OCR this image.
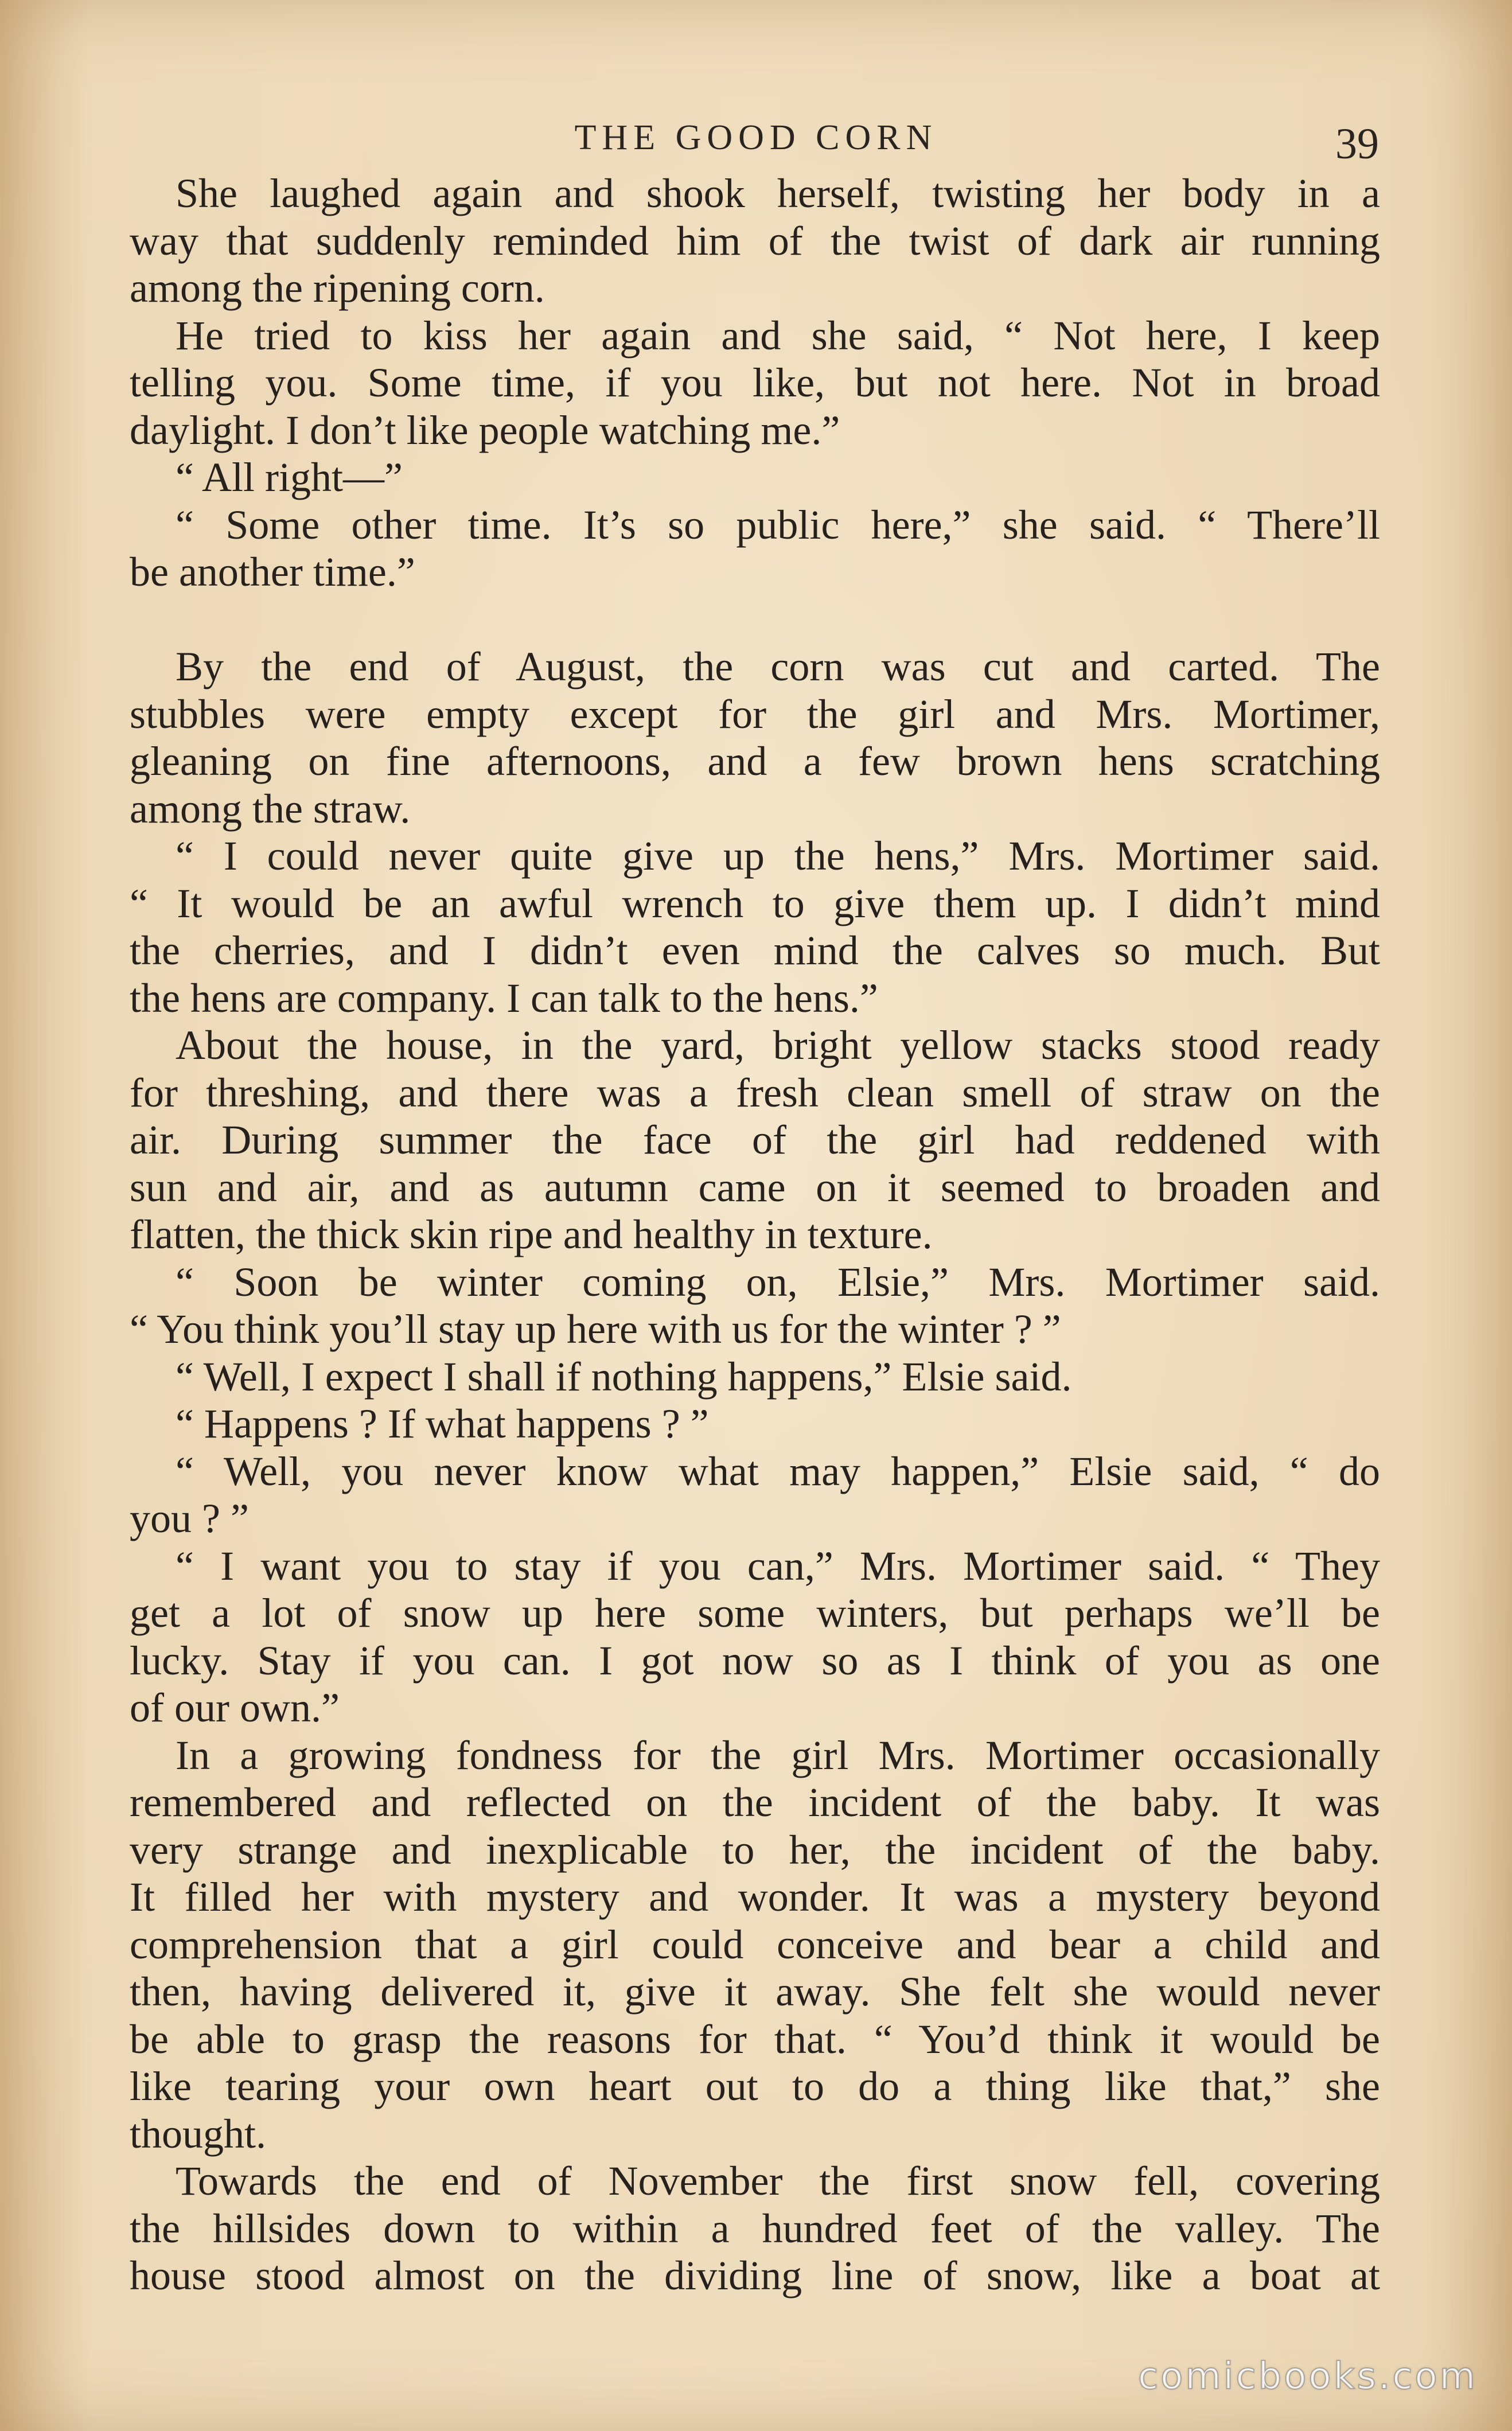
THE GOOD CORN	39
She laughed again and shook herself, twisting her body in a
way that suddenly reminded him of the twist of dark air running
among the ripening corn.
He tried to kiss her again and she said, “ Not here, I keep
telling you. Some time, if you like, but not here. Not in broad
daylight. I don’t like people watching me.”
“ All right—”
“ Some other time. It’s so public here,” she said. “ There’ll
be another time.”
By the end of August, the corn was cut and carted. The
stubbles were empty except for the girl and Mrs. Mortimer,
gleaning on fine afternoons, and a few brown hens scratching
among the straw.
“ I could never quite give up the hens,” Mrs. Mortimer said.
“ It would be an awful wrench to give them up. I didn’t mind
the cherries, and I didn’t even mind the calves so much. But
the hens are company. I can talk to the hens.”
About the house, in the yard, bright yellow stacks stood ready
for threshing, and there was a fresh clean smell of straw on the
air. During summer the face of the girl had reddened with
sun and air, and as autumn came on it seemed to broaden and
flatten, the thick skin ripe and healthy in texture.
“ Soon be winter coming on, Elsie,” Mrs. Mortimer said.
“ You think you’ll stay up here with us for the winter ? ”
“ Well, I expect I shall if nothing happens,” Elsie said.
“ Happens ? If what happens ? ”
“ Well, you never know what may happen,” Elsie said, “ do
you ? ”
“ I want you to stay if you can,” Mrs. Mortimer said. “ They
get a lot of snow up here some winters, but perhaps we’ll be
lucky. Stay if you can. I got now so as I think of you as one
of our own.”
In a growing fondness for the girl Mrs. Mortimer occasionally
remembered and reflected on the incident of the baby. It was
very strange and inexplicable to her, the incident of the baby.
It filled her with mystery and wonder. It was a mystery beyond
comprehension that a girl could conceive and bear a child and
then, having delivered it, give it away. She felt she would never
be able to grasp the reasons for that. “ You’d think it would be
like tearing your own heart out to do a thing like that,” she
thought.
Towards the end of November the first snow fell, covering
the hillsides down to within a hundred feet of the valley. The
house stood almost on the dividing line of snow, like a boat at
comicbooks.com
